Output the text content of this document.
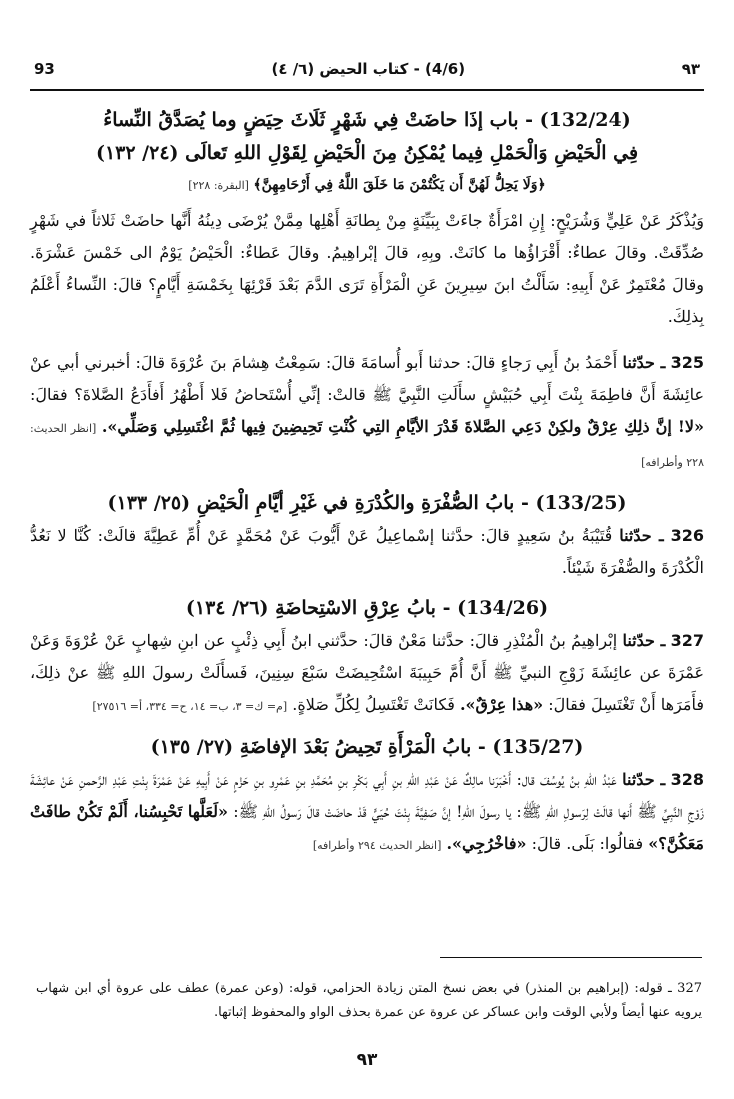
93	(4/6) - كتاب الحيض (٦/ ٤)	٩٣

(132/24) - باب إذَا حاضَتْ فِي شَهْرٍ ثَلَاثَ حِيَضٍ وما يُصَدَّقُ النِّساءُ

فِي الْحَيْضِ وَالْحَمْلِ فِيما يُمْكِنُ مِنَ الْحَيْضِ لِقَوْلِ اللهِ تَعالَى (٢٤/ ١٣٢)

﴿وَلَا يَحِلُّ لَهُنَّ أَن يَكْتُمْنَ مَا خَلَقَ اللَّهُ فِي أَرْحَامِهِنَّ﴾ [البقرة: ٢٢٨]

وَيُذْكَرُ عَنْ عَلِيٍّ وَشُرَيْحٍ: إِنِ امْرَأَةٌ جاءَتْ بِبَيِّنَةٍ مِنْ بِطانَةِ أَهْلِها مِمَّنْ يُرْضَى دِينُهُ أَنَّها حاضَتْ ثَلاثاً في شَهْرٍ صُدِّقَتْ. وقالَ عطاءٌ: أَقْرَاؤُها ما كانَتْ. وبِهِ، قالَ إبْراهِيمُ. وقالَ عَطاءٌ: الْحَيْضُ يَوْمٌ الى خَمْسَ عَشْرَةَ. وقالَ مُعْتَمِرٌ عَنْ أَبِيهِ: سَأَلْتُ ابنَ سِيرِينَ عَنِ الْمَرْأَةِ تَرَى الدَّمَ بَعْدَ قَرْئِهَا بِخَمْسَةِ أَيَّامٍ؟ قالَ: النِّساءُ أَعْلَمُ بِذلِكَ.

325 ـ حدّثنا أَحْمَدُ بنُ أَبِي رَجاءٍ قالَ: حدثنا أَبو أُسامَةَ قالَ: سَمِعْتُ هِشامَ بنَ عُرْوَةَ قالَ: أخبرني أبي عنْ عائِشَةَ أَنَّ فاطِمَةَ بِنْتَ أَبِي حُبَيْشٍ سأَلَتِ النَّبِيَّ ﷺ قالتْ: إنِّي أُسْتَحاضُ فَلا أَطْهُرُ أَفأَدَعُ الصَّلاةَ؟ فقالَ: «لا! إنَّ ذلِكِ عِرْقٌ ولكِنْ دَعِي الصَّلاةَ قَدْرَ الأيَّامِ التِي كُنْتِ تَحِيضِينَ فِيها ثُمَّ اغْتَسِلِي وَصَلِّي». [انظر الحديث: ٢٢٨ وأطرافه]

(133/25) - بابُ الصُّفْرَةِ والكُدْرَةِ في غَيْرِ أيَّامِ الْحَيْضِ (٢٥/ ١٣٣)

326 ـ حدّثنا قُتَيْبَةُ بنُ سَعِيدٍ قالَ: حدَّثنا إسْماعِيلُ عَنْ أَيُّوبَ عَنْ مُحَمَّدٍ عَنْ أُمِّ عَطِيَّةَ قالَتْ: كُنَّا لا نَعُدُّ الْكُدْرَةَ والصُّفْرَةَ شَيْئاً.

(134/26) - بابُ عِرْقِ الاسْتِحاضَةِ (٢٦/ ١٣٤)

327 ـ حدّثنا إبْراهِيمُ بنُ الْمُنْذِرِ قالَ: حدَّثنا مَعْنٌ قالَ: حدَّثني ابنُ أَبِي ذِئْبٍ عن ابنِ شِهابٍ عَنْ عُرْوَةَ وَعَنْ عَمْرَةَ عن عائِشَةَ زَوْجِ النبيِّ ﷺ أَنَّ أُمَّ حَبِيبَةَ اسْتُحِيضَتْ سَبْعَ سِنِينَ، فَسأَلَتْ رسولَ اللهِ ﷺ عنْ ذلِكَ، فأَمَرَها أَنْ تَغْتَسِلَ فقالَ: «هذا عِرْقٌ». فَكانَتْ تَغْتَسِلُ لِكُلِّ صَلاةٍ. [م= ك= ٣، ب= ١٤، ح= ٣٣٤، أ= ٢٧٥١٦]

(135/27) - بابُ الْمَرْأَةِ تَحِيضُ بَعْدَ الإفاضَةِ (٢٧/ ١٣٥)

328 ـ حدّثنا عَبْدُ اللهِ بنُ يُوسُفَ قال: أَخْبَرَنا مالِكٌ عَنْ عَبْدِ اللهِ بنِ أَبِي بَكْرِ بنِ مُحَمَّدِ بنِ عَمْرِو بنِ حَزْمٍ عَنْ أَبِيهِ عَنْ عَمْرَةَ بِنْتِ عَبْدِ الرَّحمنِ عَنْ عائِشَةَ زَوْجِ النَّبِيِّ ﷺ أَنها قالَتْ لِرَسولِ اللهِ ﷺ: يا رسولَ اللهِ! إنَّ صَفِيَّةَ بِنْتَ حُيَيٍّ قَدْ حاضَتْ قالَ رَسولُ اللهِ ﷺ: «لَعَلَّها تَحْبِسُنا، أَلَمْ تَكُنْ طافَتْ مَعَكُنَّ؟» فقالُوا: بَلَى. قالَ: «فاخْرُجِي». [انظر الحديث ٢٩٤ وأطرافه]

327 ـ قوله: (إبراهيم بن المنذر) في بعض نسخ المتن زيادة الحزامي، قوله: (وعن عمرة) عطف على عروة أي ابن شهاب يرويه عنها أيضاً ولأبي الوقت وابن عساكر عن عروة عن عمرة بحذف الواو والمحفوظ إثباتها.

٩٣
